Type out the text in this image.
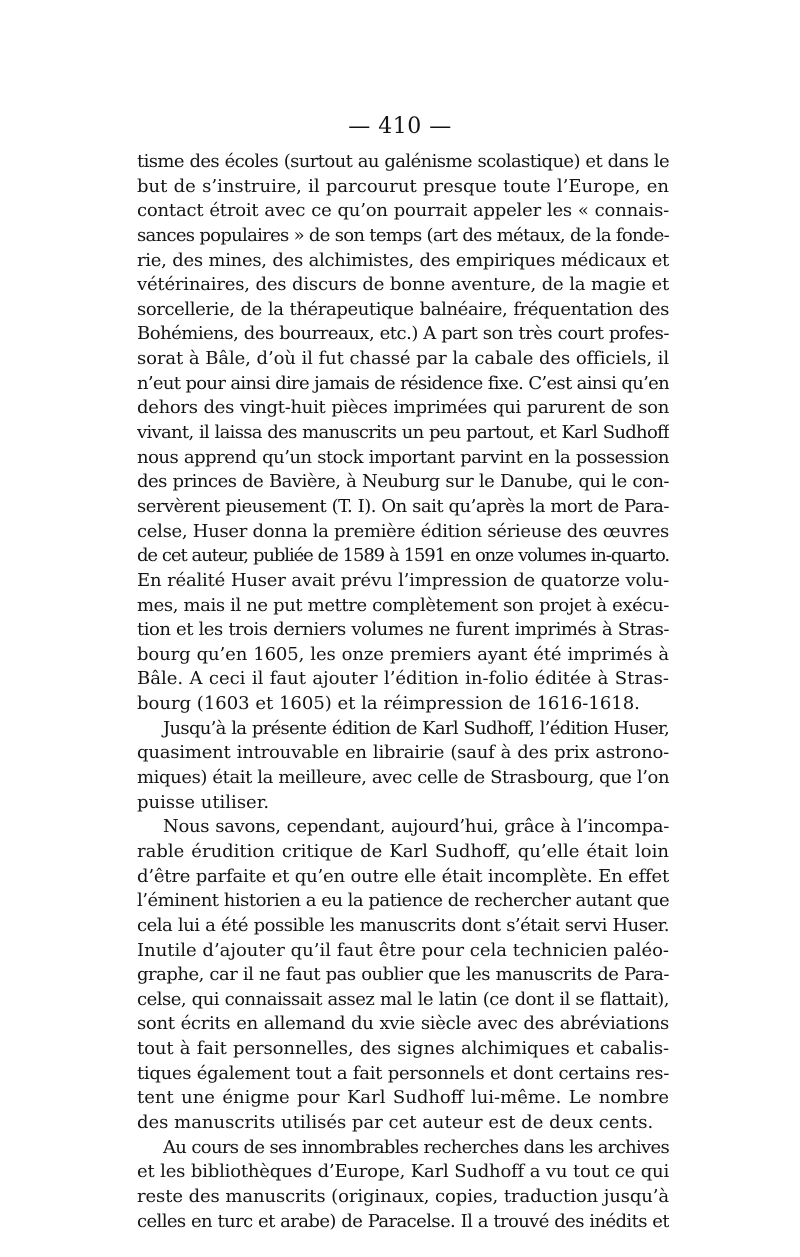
— 410 —
tisme des écoles (surtout au galénisme scolastique) et dans le
but de s’instruire, il parcourut presque toute l’Europe, en
contact étroit avec ce qu’on pourrait appeler les « connais-
sances populaires » de son temps (art des métaux, de la fonde-
rie, des mines, des alchimistes, des empiriques médicaux et
vétérinaires, des discurs de bonne aventure, de la magie et
sorcellerie, de la thérapeutique balnéaire, fréquentation des
Bohémiens, des bourreaux, etc.) A part son très court profes-
sorat à Bâle, d’où il fut chassé par la cabale des officiels, il
n’eut pour ainsi dire jamais de résidence fixe. C’est ainsi qu’en
dehors des vingt-huit pièces imprimées qui parurent de son
vivant, il laissa des manuscrits un peu partout, et Karl Sudhoff
nous apprend qu’un stock important parvint en la possession
des princes de Bavière, à Neuburg sur le Danube, qui le con-
servèrent pieusement (T. I). On sait qu’après la mort de Para-
celse, Huser donna la première édition sérieuse des œuvres
de cet auteur, publiée de 1589 à 1591 en onze volumes in-quarto.
En réalité Huser avait prévu l’impression de quatorze volu-
mes, mais il ne put mettre complètement son projet à exécu-
tion et les trois derniers volumes ne furent imprimés à Stras-
bourg qu’en 1605, les onze premiers ayant été imprimés à
Bâle. A ceci il faut ajouter l’édition in-folio éditée à Stras-
bourg (1603 et 1605) et la réimpression de 1616-1618.
Jusqu’à la présente édition de Karl Sudhoff, l’édition Huser,
quasiment introuvable en librairie (sauf à des prix astrono-
miques) était la meilleure, avec celle de Strasbourg, que l’on
puisse utiliser.
Nous savons, cependant, aujourd’hui, grâce à l’incompa-
rable érudition critique de Karl Sudhoff, qu’elle était loin
d’être parfaite et qu’en outre elle était incomplète. En effet
l’éminent historien a eu la patience de rechercher autant que
cela lui a été possible les manuscrits dont s’était servi Huser.
Inutile d’ajouter qu’il faut être pour cela technicien paléo-
graphe, car il ne faut pas oublier que les manuscrits de Para-
celse, qui connaissait assez mal le latin (ce dont il se flattait),
sont écrits en allemand du xvie siècle avec des abréviations
tout à fait personnelles, des signes alchimiques et cabalis-
tiques également tout a fait personnels et dont certains res-
tent une énigme pour Karl Sudhoff lui-même. Le nombre
des manuscrits utilisés par cet auteur est de deux cents.
Au cours de ses innombrables recherches dans les archives
et les bibliothèques d’Europe, Karl Sudhoff a vu tout ce qui
reste des manuscrits (originaux, copies, traduction jusqu’à
celles en turc et arabe) de Paracelse. Il a trouvé des inédits et
